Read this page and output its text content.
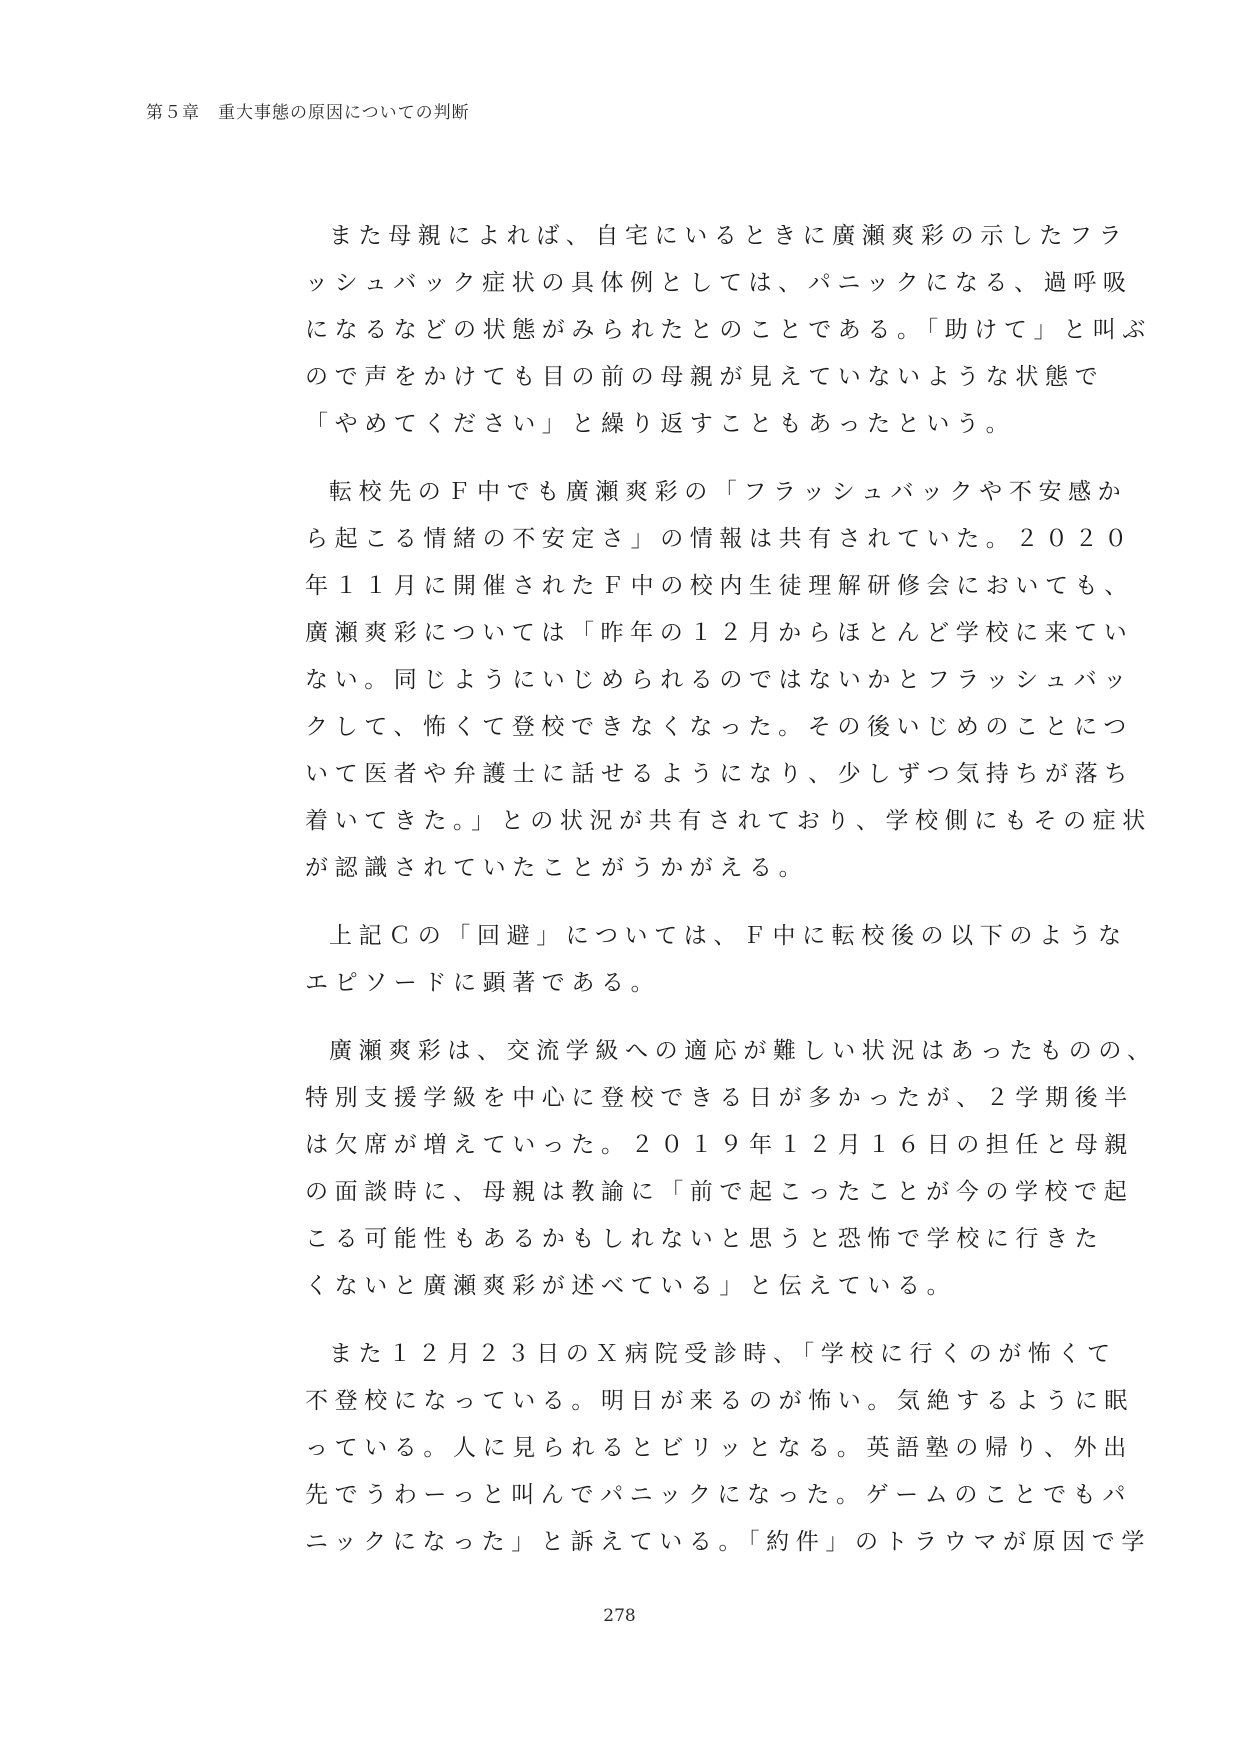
第５章　重大事態の原因についての判断
また母親によれば、自宅にいるときに廣瀬爽彩の示したフラ
ッシュバック症状の具体例としては、パニックになる、過呼吸
になるなどの状態がみられたとのことである。「助けて」と叫ぶ
ので声をかけても目の前の母親が見えていないような状態で
「やめてください」と繰り返すこともあったという。
転校先のＦ中でも廣瀬爽彩の「フラッシュバックや不安感か
ら起こる情緒の不安定さ」の情報は共有されていた。２０２０
年１１月に開催されたＦ中の校内生徒理解研修会においても、
廣瀬爽彩については「昨年の１２月からほとんど学校に来てい
ない。同じようにいじめられるのではないかとフラッシュバッ
クして、怖くて登校できなくなった。その後いじめのことにつ
いて医者や弁護士に話せるようになり、少しずつ気持ちが落ち
着いてきた。」との状況が共有されており、学校側にもその症状
が認識されていたことがうかがえる。
上記Ｃの「回避」については、Ｆ中に転校後の以下のような
エピソードに顕著である。
廣瀬爽彩は、交流学級への適応が難しい状況はあったものの、
特別支援学級を中心に登校できる日が多かったが、２学期後半
は欠席が増えていった。２０１９年１２月１６日の担任と母親
の面談時に、母親は教諭に「前で起こったことが今の学校で起
こる可能性もあるかもしれないと思うと恐怖で学校に行きた
くないと廣瀬爽彩が述べている」と伝えている。
また１２月２３日のＸ病院受診時、「学校に行くのが怖くて
不登校になっている。明日が来るのが怖い。気絶するように眠
っている。人に見られるとビリッとなる。英語塾の帰り、外出
先でうわーっと叫んでパニックになった。ゲームのことでもパ
ニックになった」と訴えている。「約件」のトラウマが原因で学
278
